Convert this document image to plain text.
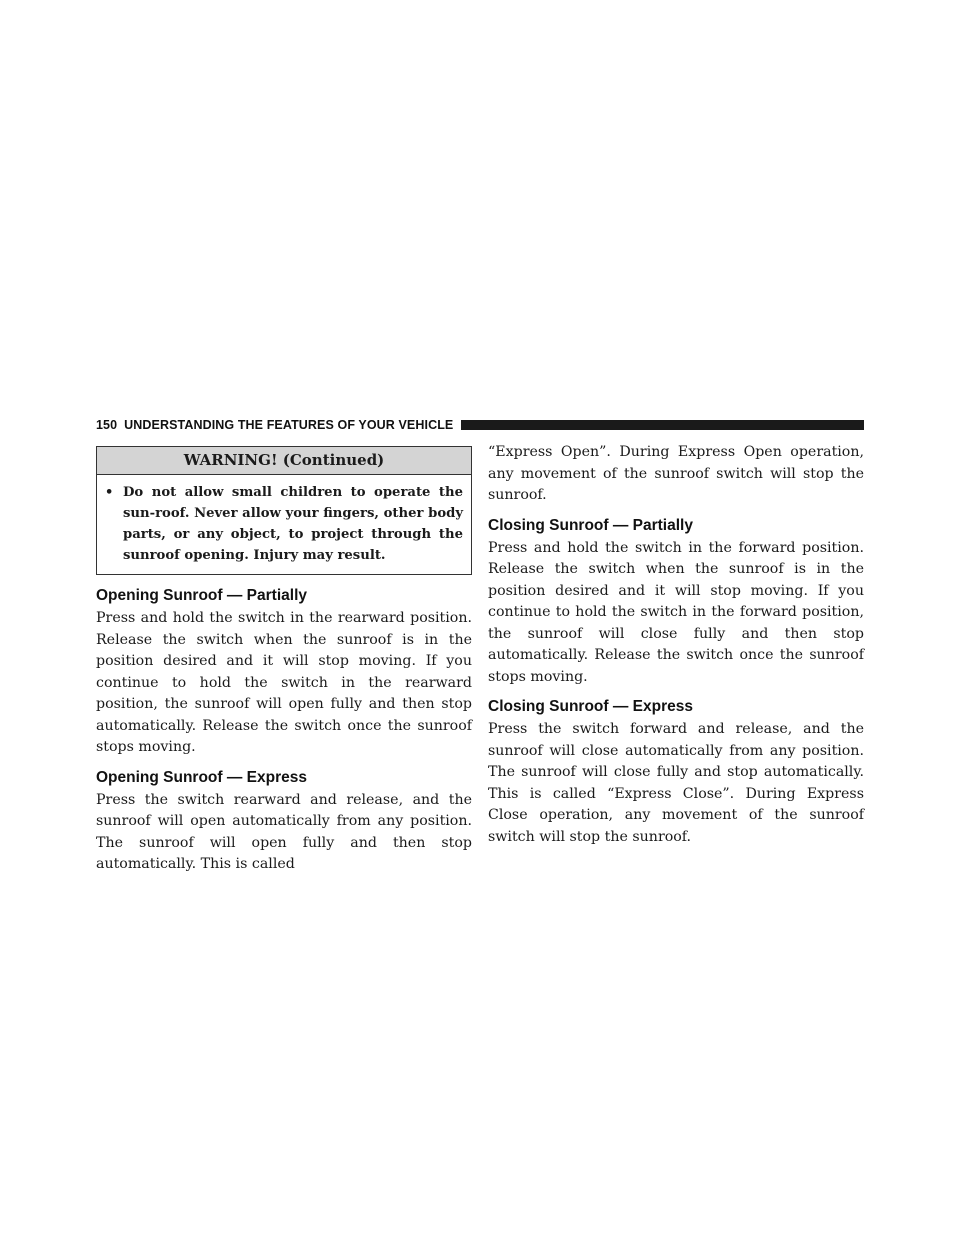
150 UNDERSTANDING THE FEATURES OF YOUR VEHICLE
WARNING! (Continued)
• Do not allow small children to operate the sun-roof. Never allow your fingers, other body parts, or any object, to project through the sunroof opening. Injury may result.
Opening Sunroof — Partially

Press and hold the switch in the rearward position. Release the switch when the sunroof is in the position desired and it will stop moving. If you continue to hold the switch in the rearward position, the sunroof will open fully and then stop automatically. Release the switch once the sunroof stops moving.

Opening Sunroof — Express

Press the switch rearward and release, and the sunroof will open automatically from any position. The sunroof will open fully and then stop automatically. This is called

“Express Open”. During Express Open operation, any movement of the sunroof switch will stop the sunroof.

Closing Sunroof — Partially

Press and hold the switch in the forward position. Release the switch when the sunroof is in the position desired and it will stop moving. If you continue to hold the switch in the forward position, the sunroof will close fully and then stop automatically. Release the switch once the sunroof stops moving.

Closing Sunroof — Express

Press the switch forward and release, and the sunroof will close automatically from any position. The sunroof will close fully and stop automatically. This is called “Express Close”. During Express Close operation, any movement of the sunroof switch will stop the sunroof.
